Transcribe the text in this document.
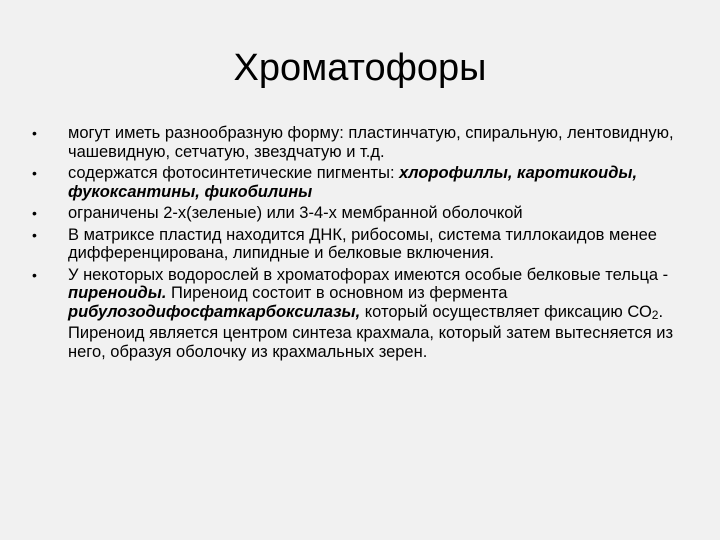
Хроматофоры
• могут иметь разнообразную форму: пластинчатую, спиральную, лентовидную, чашевидную, сетчатую, звездчатую и т.д.
• содержатся фотосинтетические пигменты: хлорофиллы, каротикоиды, фукоксантины, фикобилины
• ограничены 2-х(зеленые) или 3-4-х мембранной оболочкой
• В матриксе пластид находится ДНК, рибосомы, система тиллокаидов менее дифференцирована, липидные и белковые включения.
• У некоторых водорослей в хроматофорах имеются особые белковые тельца - пиреноиды. Пиреноид состоит в основном из фермента рибулозодифосфаткарбоксилазы, который осуществляет фиксацию $СО_2$. Пиреноид является центром синтеза крахмала, который затем вытесняется из него, образуя оболочку из крахмальных зерен.
